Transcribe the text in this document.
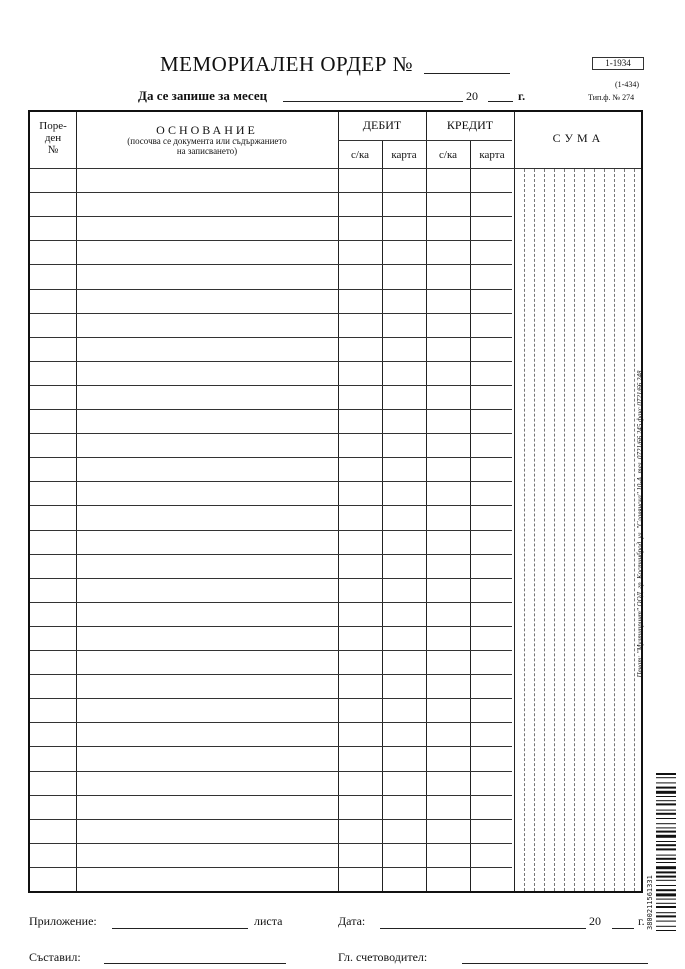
МЕМОРИАЛЕН ОРДЕР №	1-1934
(1-434)
Тип.ф. № 274
Да се запише за месец	20	г.
Поре-
ден
№
ОСНОВАНИЕ
(посочва се документа или съдържанието
на записването)
ДЕБИТ	КРЕДИТ
СУМА
с/ка	карта	с/ка	карта
Приложение:	листа	Дата:	20	г.
Съставил:	Гл. счетоводител:
Печат: "Мултипринт" ООД, гр. Костинброд, ул. "Славянска" 10-А, тел. 0721/66 245 факс 0721/66 248
3800211561331
